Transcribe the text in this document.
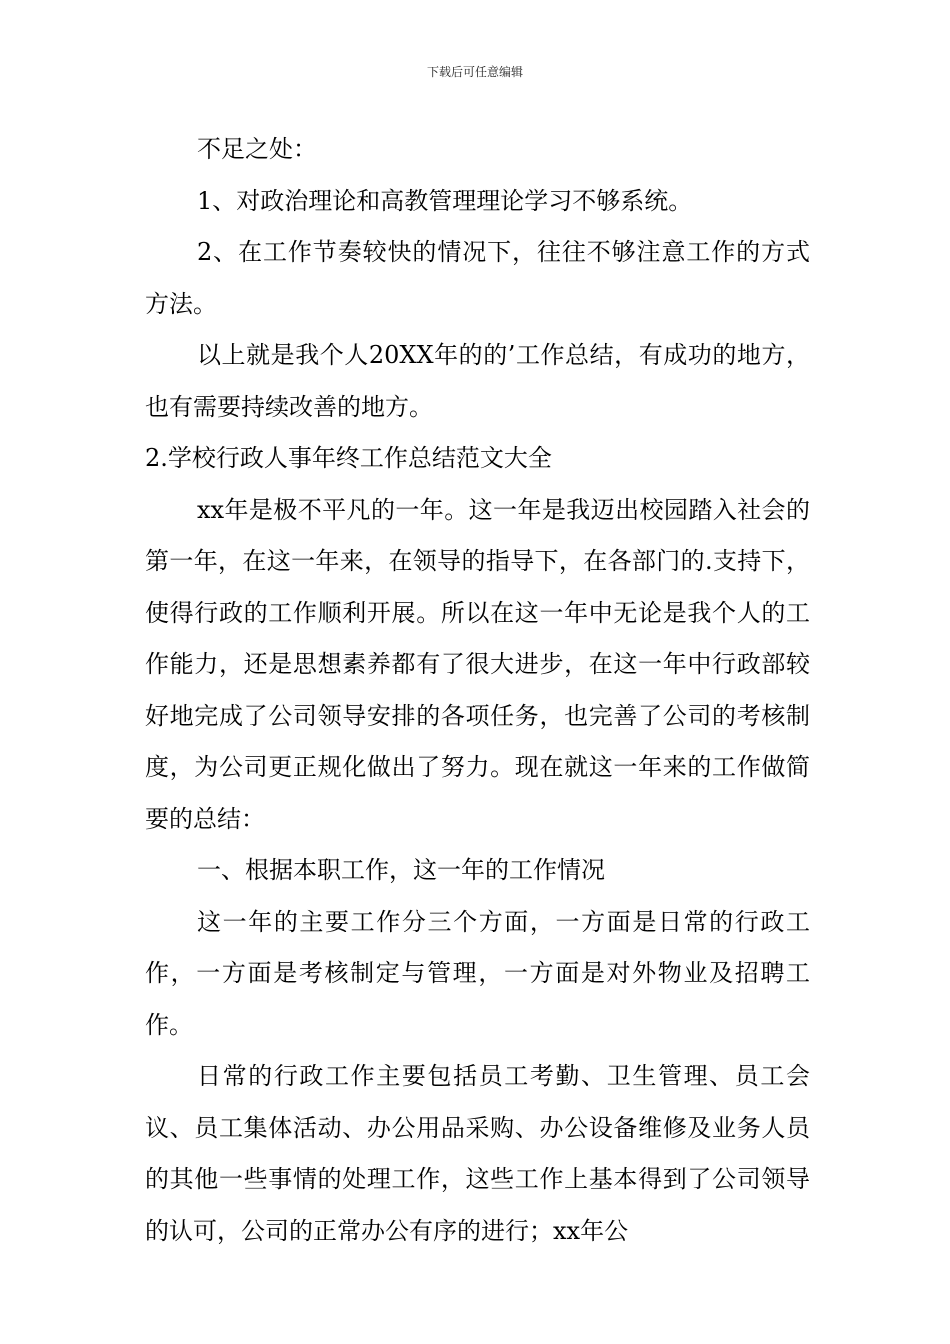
下载后可任意编辑

不足之处：

1、对政治理论和高教管理理论学习不够系统。

2、在工作节奏较快的情况下，往往不够注意工作的方式方法。

以上就是我个人20XX年的的’工作总结，有成功的地方，也有需要持续改善的地方。

2.学校行政人事年终工作总结范文大全

xx年是极不平凡的一年。这一年是我迈出校园踏入社会的第一年，在这一年来，在领导的指导下，在各部门的.支持下，使得行政的工作顺利开展。所以在这一年中无论是我个人的工作能力，还是思想素养都有了很大进步，在这一年中行政部较好地完成了公司领导安排的各项任务，也完善了公司的考核制度，为公司更正规化做出了努力。现在就这一年来的工作做简要的总结：

一、根据本职工作，这一年的工作情况

这一年的主要工作分三个方面，一方面是日常的行政工作，一方面是考核制定与管理，一方面是对外物业及招聘工作。

日常的行政工作主要包括员工考勤、卫生管理、员工会议、员工集体活动、办公用品采购、办公设备维修及业务人员的其他一些事情的处理工作，这些工作上基本得到了公司领导的认可，公司的正常办公有序的进行；xx年公
